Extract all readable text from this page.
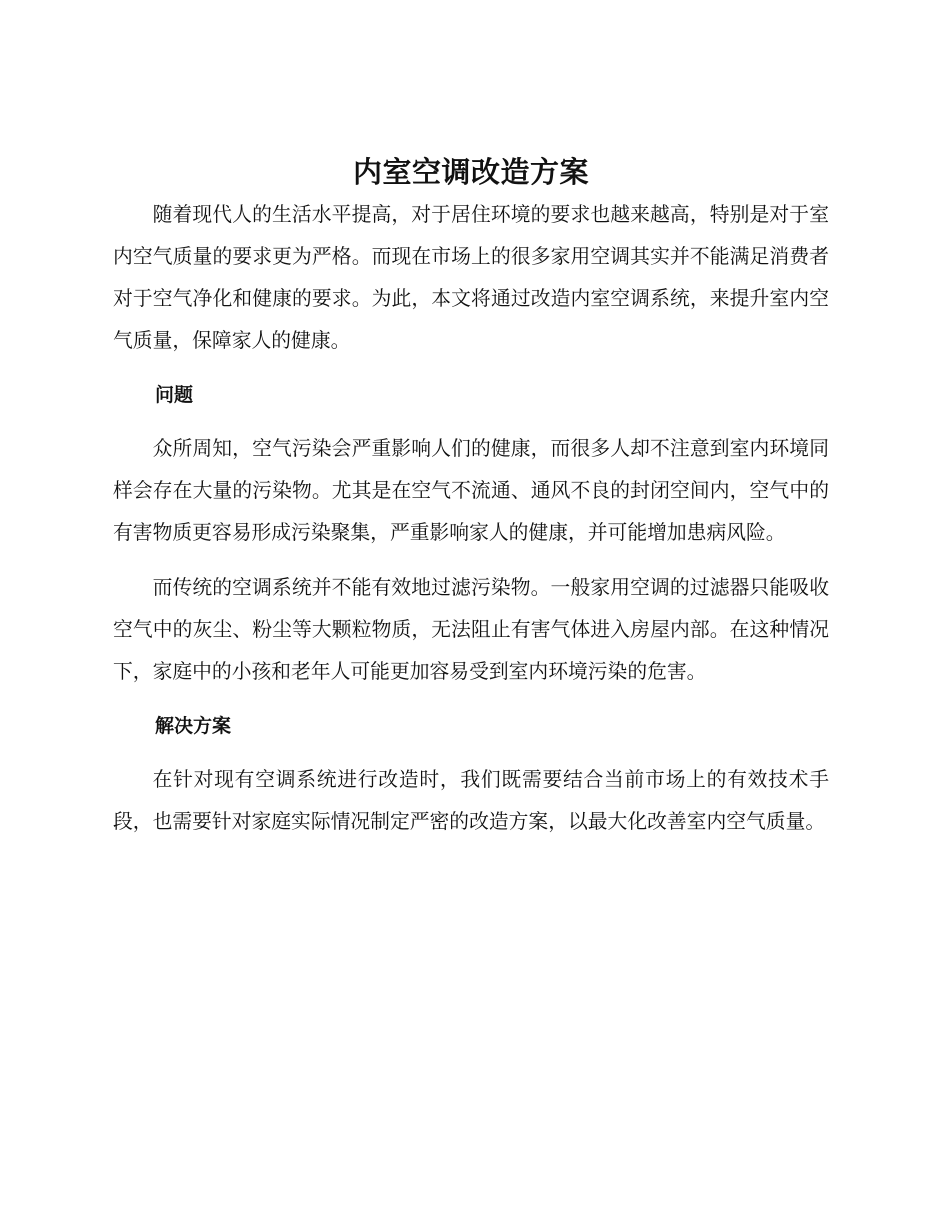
内室空调改造方案

随着现代人的生活水平提高，对于居住环境的要求也越来越高，特别是对于室内空气质量的要求更为严格。而现在市场上的很多家用空调其实并不能满足消费者对于空气净化和健康的要求。为此，本文将通过改造内室空调系统，来提升室内空气质量，保障家人的健康。

问题

众所周知，空气污染会严重影响人们的健康，而很多人却不注意到室内环境同样会存在大量的污染物。尤其是在空气不流通、通风不良的封闭空间内，空气中的有害物质更容易形成污染聚集，严重影响家人的健康，并可能增加患病风险。

而传统的空调系统并不能有效地过滤污染物。一般家用空调的过滤器只能吸收空气中的灰尘、粉尘等大颗粒物质，无法阻止有害气体进入房屋内部。在这种情况下，家庭中的小孩和老年人可能更加容易受到室内环境污染的危害。

解决方案

在针对现有空调系统进行改造时，我们既需要结合当前市场上的有效技术手段，也需要针对家庭实际情况制定严密的改造方案，以最大化改善室内空气质量。
